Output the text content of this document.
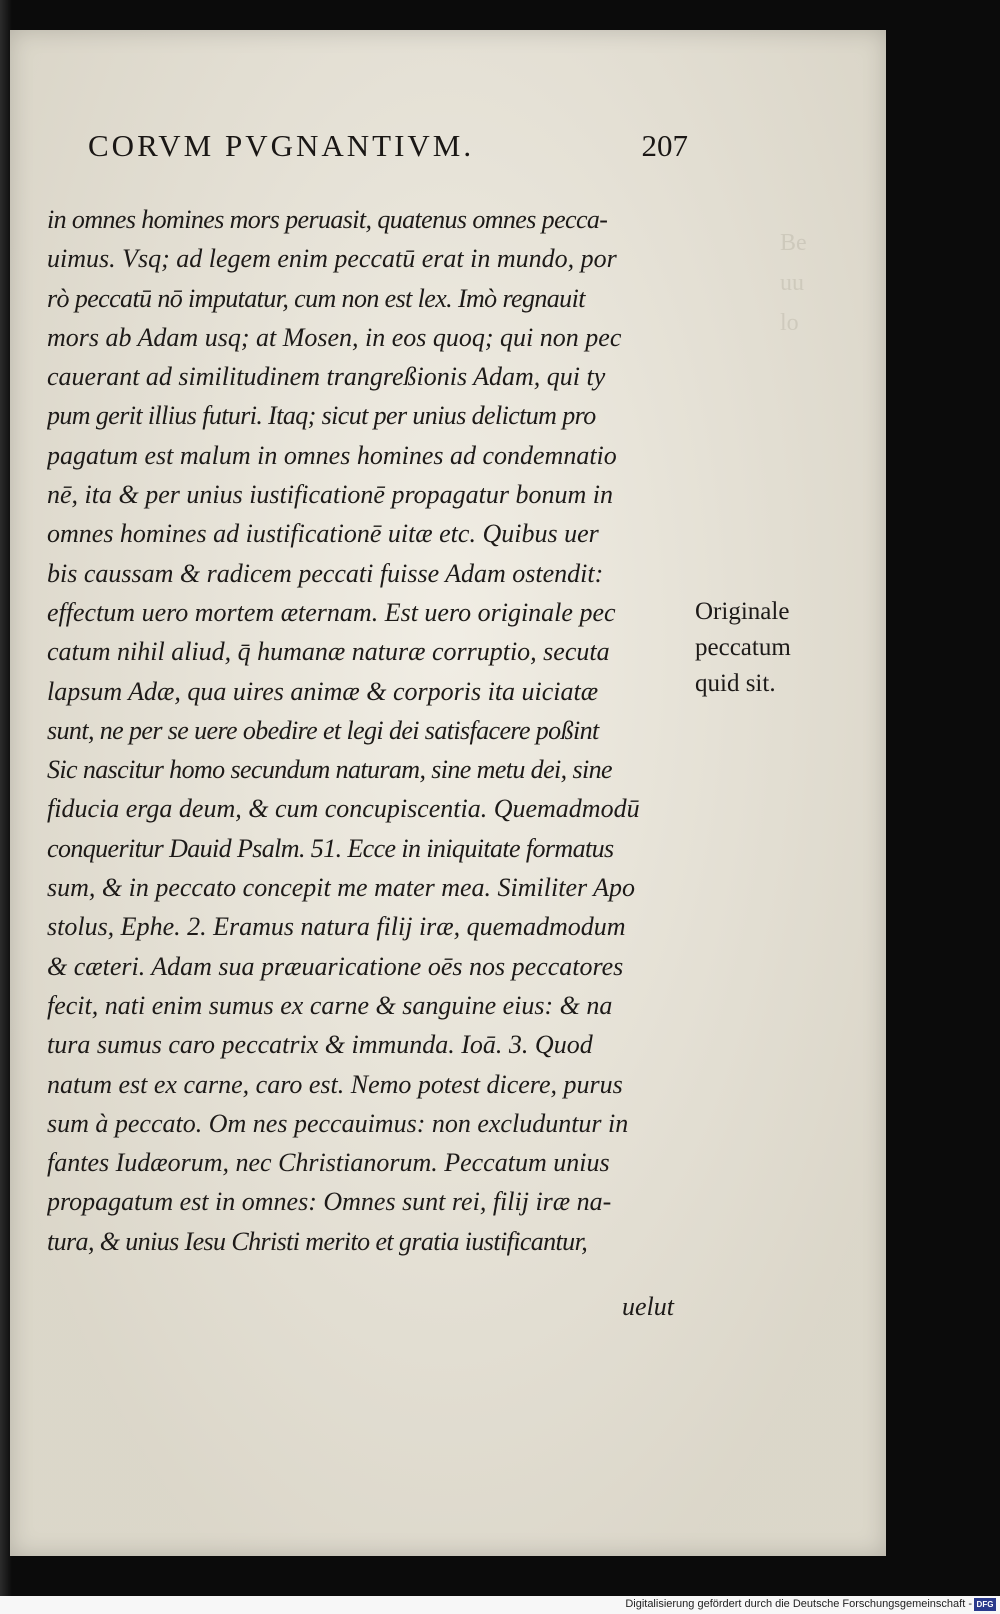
Be
uu
lo
CORVM PVGNANTIVM.	207
in omnes homines mors peruasit, quatenus omnes pecca-
uimus. Vsq; ad legem enim peccatū erat in mundo, por
rò peccatū nō imputatur, cum non est lex. Imò regnauit
mors ab Adam usq; at Mosen, in eos quoq; qui non pec
cauerant ad similitudinem trangreßionis Adam, qui ty
pum gerit illius futuri. Itaq; sicut per unius delictum pro
pagatum est malum in omnes homines ad condemnatio
nē, ita & per unius iustificationē propagatur bonum in
omnes homines ad iustificationē uitæ etc. Quibus uer
bis caussam & radicem peccati fuisse Adam ostendit:
effectum uero mortem æternam. Est uero originale pec
catum nihil aliud, q̄ humanæ naturæ corruptio, secuta
lapsum Adæ, qua uires animæ & corporis ita uiciatæ
sunt, ne per se uere obedire et legi dei satisfacere poßint
Sic nascitur homo secundum naturam, sine metu dei, sine
fiducia erga deum, & cum concupiscentia. Quemadmodū
conqueritur Dauid Psalm. 51. Ecce in iniquitate formatus
sum, & in peccato concepit me mater mea. Similiter Apo
stolus, Ephe. 2. Eramus natura filij iræ, quemadmodum
& cæteri. Adam sua præuaricatione oēs nos peccatores
fecit, nati enim sumus ex carne & sanguine eius: & na
tura sumus caro peccatrix & immunda. Ioā. 3. Quod
natum est ex carne, caro est. Nemo potest dicere, purus
sum à peccato. Om nes peccauimus: non excluduntur in
fantes Iudæorum, nec Christianorum. Peccatum unius
propagatum est in omnes: Omnes sunt rei, filij iræ na-
tura, & unius Iesu Christi merito et gratia iustificantur,
uelut
Originale
peccatum
quid sit.
Digitalisierung gefördert durch die Deutsche Forschungsgemeinschaft - DFG
